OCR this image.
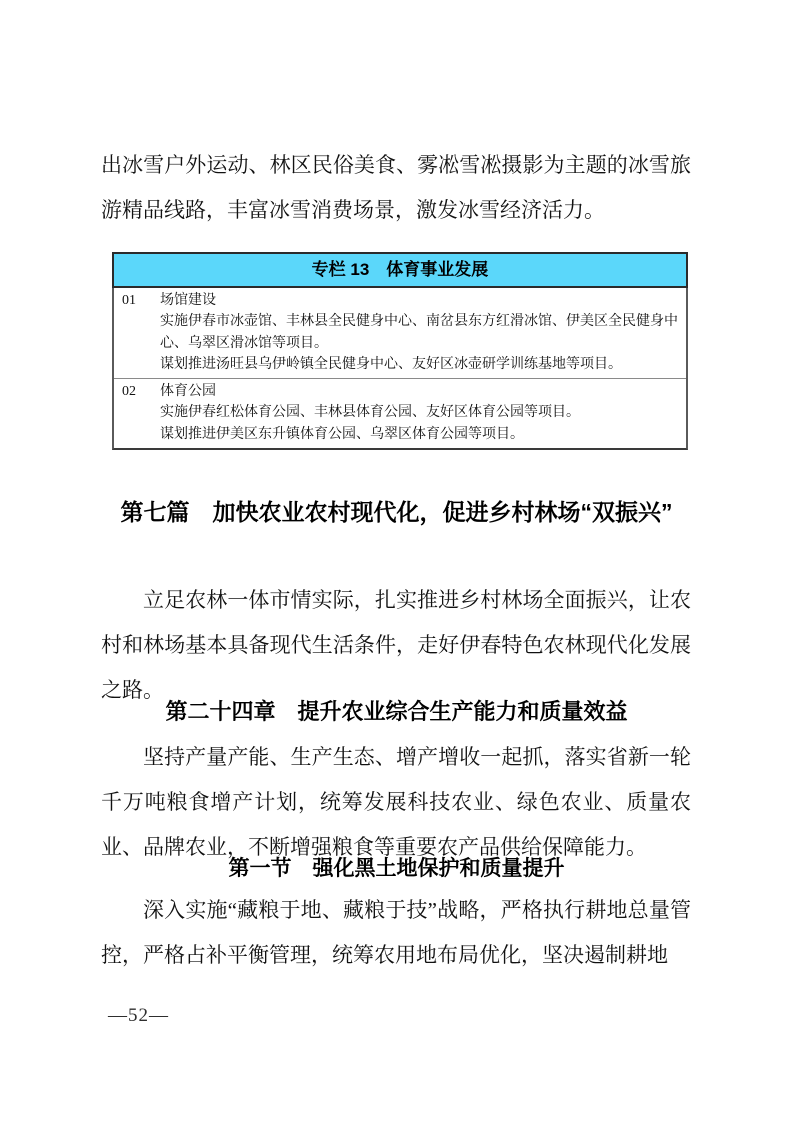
出冰雪户外运动、林区民俗美食、雾凇雪凇摄影为主题的冰雪旅游精品线路，丰富冰雪消费场景，激发冰雪经济活力。
专栏 13　体育事业发展
01	场馆建设

实施伊春市冰壶馆、丰林县全民健身中心、南岔县东方红滑冰馆、伊美区全民健身中心、乌翠区滑冰馆等项目。

谋划推进汤旺县乌伊岭镇全民健身中心、友好区冰壶研学训练基地等项目。

02	体育公园

实施伊春红松体育公园、丰林县体育公园、友好区体育公园等项目。

谋划推进伊美区东升镇体育公园、乌翠区体育公园等项目。

第七篇　加快农业农村现代化，促进乡村林场“双振兴”
立足农林一体市情实际，扎实推进乡村林场全面振兴，让农村和林场基本具备现代生活条件，走好伊春特色农林现代化发展之路。
第二十四章　提升农业综合生产能力和质量效益
坚持产量产能、生产生态、增产增收一起抓，落实省新一轮千万吨粮食增产计划，统筹发展科技农业、绿色农业、质量农业、品牌农业，不断增强粮食等重要农产品供给保障能力。
第一节　强化黑土地保护和质量提升
深入实施“藏粮于地、藏粮于技”战略，严格执行耕地总量管控，严格占补平衡管理，统筹农用地布局优化，坚决遏制耕地
—52—
